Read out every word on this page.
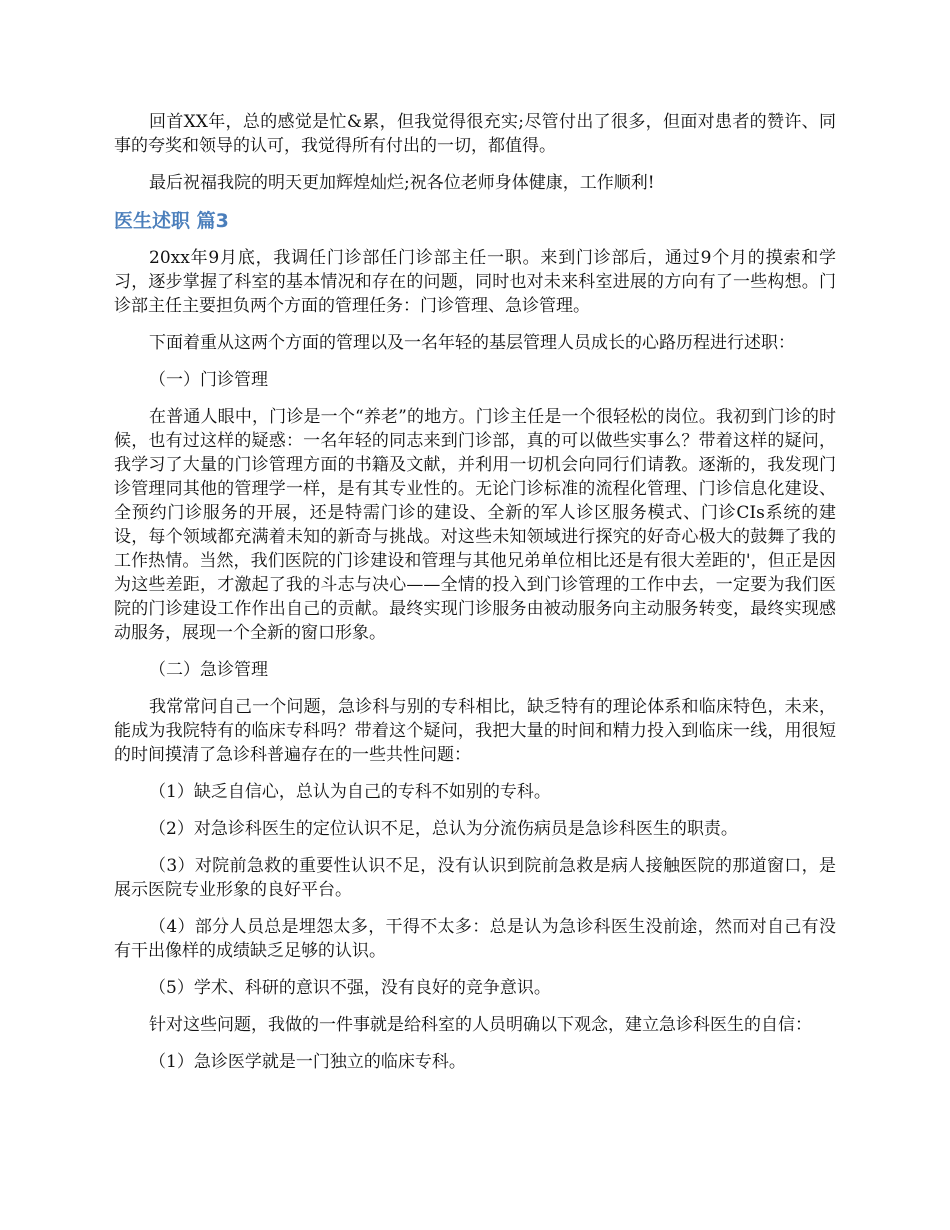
回首XX年，总的感觉是忙&累，但我觉得很充实;尽管付出了很多，但面对患者的赞许、同事的夸奖和领导的认可，我觉得所有付出的一切，都值得。

最后祝福我院的明天更加辉煌灿烂;祝各位老师身体健康，工作顺利!

医生述职 篇3

20xx年9月底，我调任门诊部任门诊部主任一职。来到门诊部后，通过9个月的摸索和学习，逐步掌握了科室的基本情况和存在的问题，同时也对未来科室进展的方向有了一些构想。门诊部主任主要担负两个方面的管理任务：门诊管理、急诊管理。

下面着重从这两个方面的管理以及一名年轻的基层管理人员成长的心路历程进行述职：

（一）门诊管理

在普通人眼中，门诊是一个“养老”的地方。门诊主任是一个很轻松的岗位。我初到门诊的时候，也有过这样的疑惑：一名年轻的同志来到门诊部，真的可以做些实事么？带着这样的疑问，我学习了大量的门诊管理方面的书籍及文献，并利用一切机会向同行们请教。逐渐的，我发现门诊管理同其他的管理学一样，是有其专业性的。无论门诊标准的流程化管理、门诊信息化建设、全预约门诊服务的开展，还是特需门诊的建设、全新的军人诊区服务模式、门诊CIs系统的建设，每个领域都充满着未知的新奇与挑战。对这些未知领域进行探究的好奇心极大的鼓舞了我的工作热情。当然，我们医院的门诊建设和管理与其他兄弟单位相比还是有很大差距的'，但正是因为这些差距，才激起了我的斗志与决心——全情的投入到门诊管理的工作中去，一定要为我们医院的门诊建设工作作出自己的贡献。最终实现门诊服务由被动服务向主动服务转变，最终实现感动服务，展现一个全新的窗口形象。

（二）急诊管理

我常常问自己一个问题，急诊科与别的专科相比，缺乏特有的理论体系和临床特色，未来，能成为我院特有的临床专科吗？带着这个疑问，我把大量的时间和精力投入到临床一线，用很短的时间摸清了急诊科普遍存在的一些共性问题：

（1）缺乏自信心，总认为自己的专科不如别的专科。

（2）对急诊科医生的定位认识不足，总认为分流伤病员是急诊科医生的职责。

（3）对院前急救的重要性认识不足，没有认识到院前急救是病人接触医院的那道窗口，是展示医院专业形象的良好平台。

（4）部分人员总是埋怨太多，干得不太多：总是认为急诊科医生没前途，然而对自己有没有干出像样的成绩缺乏足够的认识。

（5）学术、科研的意识不强，没有良好的竞争意识。

针对这些问题，我做的一件事就是给科室的人员明确以下观念，建立急诊科医生的自信：

（1）急诊医学就是一门独立的临床专科。
